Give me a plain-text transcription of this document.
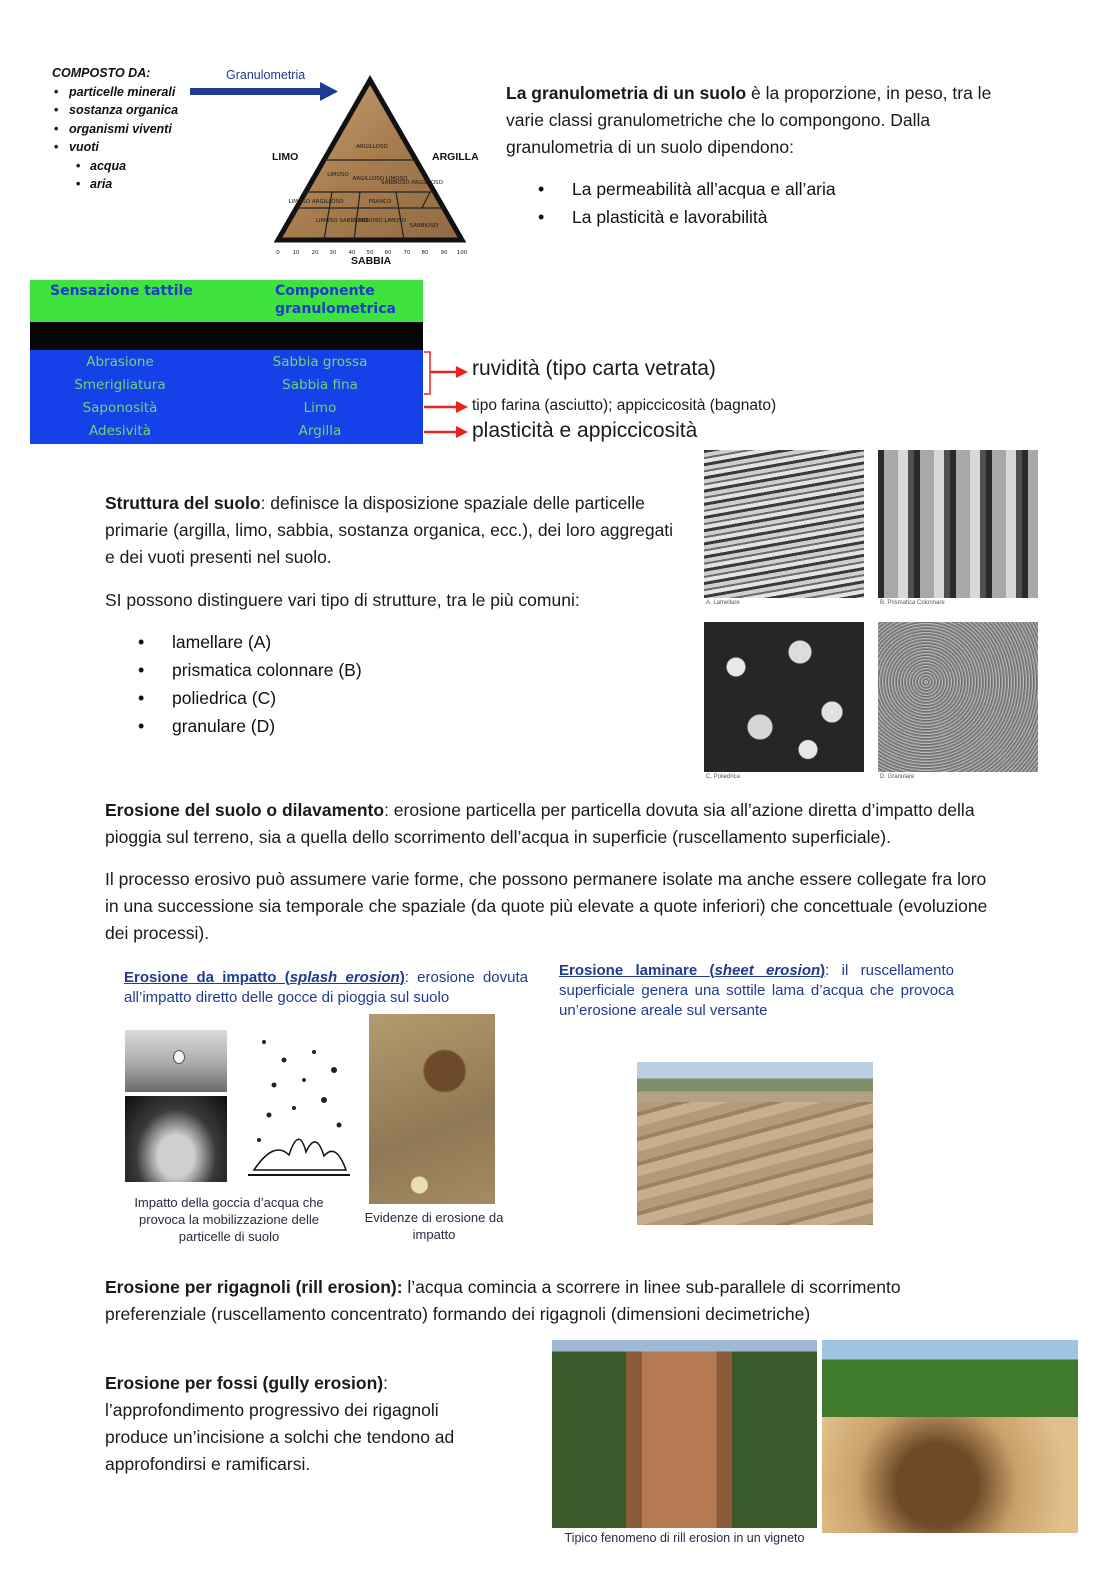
COMPOSTO DA:
• particelle minerali
• sostanza organica
• organismi viventi
• vuoti
• acqua
• aria
Granulometria
ARGILLOSO
LIMOSO
ARGILLOSO LIMOSO
SABBIOSO ARGILLOSO
LIMOSO ARGILLOSO	FRANCO
LIMOSO SABBIOSO
SABBIOSO LIMOSO
SABBIOSO
0 10 20 30 40 50 60 70 80 90 100
LIMO	ARGILLA
SABBIA
La granulometria di un suolo è la proporzione, in peso, tra le varie classi granulometriche che lo compongono. Dalla granulometria di un suolo dipendono:
• La permeabilità all’acqua e all’aria
• La plasticità e lavorabilità
Sensazione tattile	Componente granulometrica
Abrasione	Sabbia grossa
Smerigliatura	Sabbia fina
Saponosità	Limo
Adesività	Argilla
ruvidità (tipo carta vetrata)
tipo farina (asciutto); appiccicosità (bagnato)
plasticità e appiccicosità
Struttura del suolo: definisce la disposizione spaziale delle particelle primarie (argilla, limo, sabbia, sostanza organica, ecc.), dei loro aggregati e dei vuoti presenti nel suolo.
SI possono distinguere vari tipo di strutture, tra le più comuni:
• lamellare (A)
• prismatica colonnare (B)
• poliedrica (C)
• granulare (D)
A. Lamellare	B. Prismatica Colonnare
C. Poliedrica	D. Granulare
Erosione del suolo o dilavamento: erosione particella per particella dovuta sia all’azione diretta d’impatto della pioggia sul terreno, sia a quella dello scorrimento dell’acqua in superficie (ruscellamento superficiale).
Il processo erosivo può assumere varie forme, che possono permanere isolate ma anche essere collegate fra loro in una successione sia temporale che spaziale (da quote più elevate a quote inferiori) che concettuale (evoluzione dei processi).
Erosione da impatto (splash erosion): erosione dovuta all’impatto diretto delle gocce di pioggia sul suolo
Impatto della goccia d’acqua che provoca la mobilizzazione delle particelle di suolo
Evidenze di erosione da impatto
Erosione laminare (sheet erosion): il ruscellamento superficiale genera una sottile lama d’acqua che provoca un’erosione areale sul versante
Erosione per rigagnoli (rill erosion): l’acqua comincia a scorrere in linee sub-parallele di scorrimento preferenziale (ruscellamento concentrato) formando dei rigagnoli (dimensioni decimetriche)
Erosione per fossi (gully erosion): l’approfondimento progressivo dei rigagnoli produce un’incisione a solchi che tendono ad approfondirsi e ramificarsi.
Tipico fenomeno di rill erosion in un vigneto
